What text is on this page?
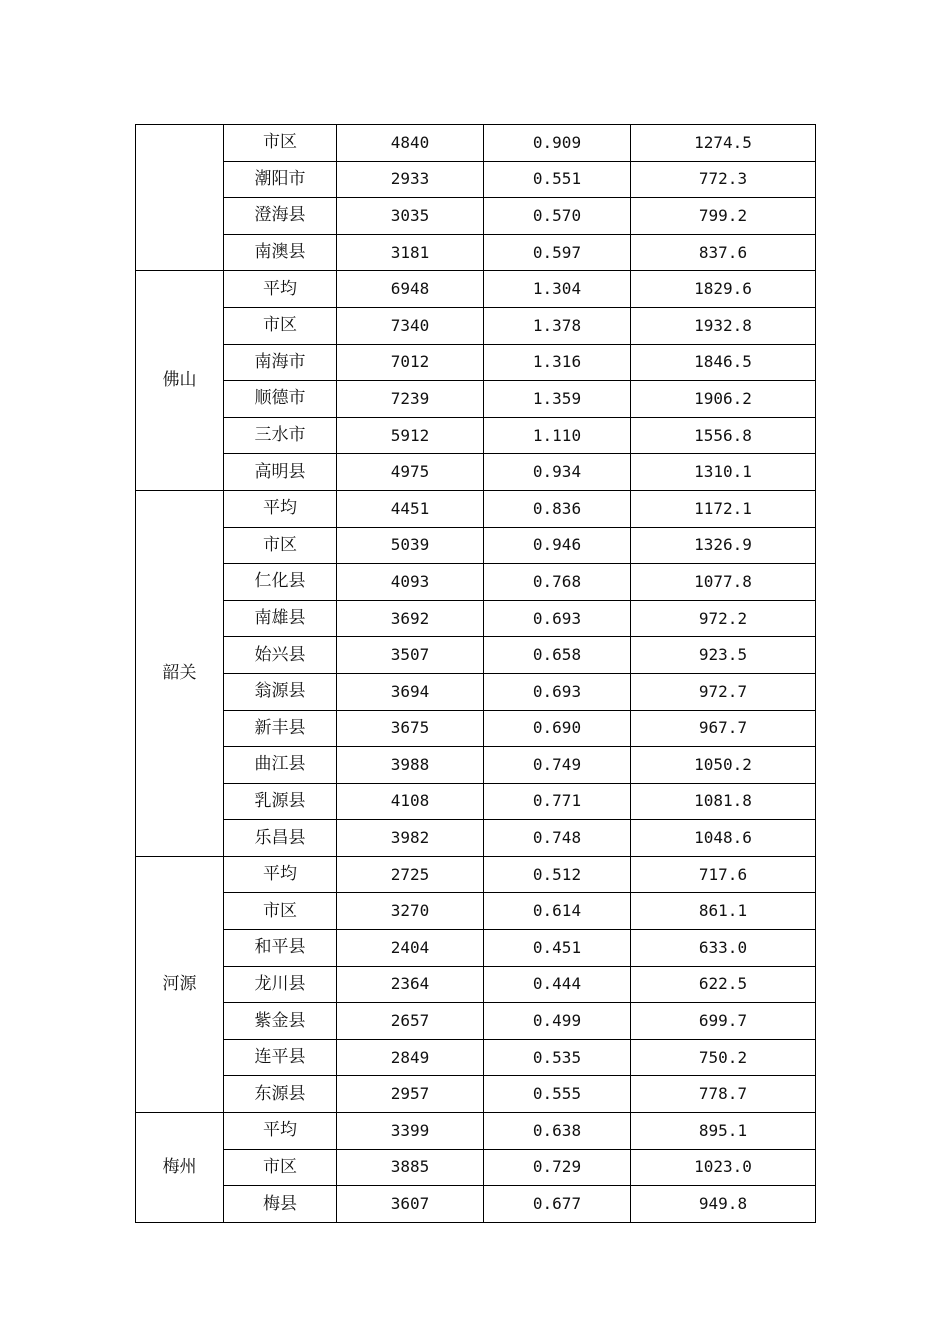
	市区	4840	0.909	1274.5
	潮阳市	2933	0.551	772.3
	澄海县	3035	0.570	799.2
	南澳县	3181	0.597	837.6
佛山	平均	6948	1.304	1829.6
	市区	7340	1.378	1932.8
	南海市	7012	1.316	1846.5
	顺德市	7239	1.359	1906.2
	三水市	5912	1.110	1556.8
	高明县	4975	0.934	1310.1
韶关	平均	4451	0.836	1172.1
	市区	5039	0.946	1326.9
	仁化县	4093	0.768	1077.8
	南雄县	3692	0.693	972.2
	始兴县	3507	0.658	923.5
	翁源县	3694	0.693	972.7
	新丰县	3675	0.690	967.7
	曲江县	3988	0.749	1050.2
	乳源县	4108	0.771	1081.8
	乐昌县	3982	0.748	1048.6
河源	平均	2725	0.512	717.6
	市区	3270	0.614	861.1
	和平县	2404	0.451	633.0
	龙川县	2364	0.444	622.5
	紫金县	2657	0.499	699.7
	连平县	2849	0.535	750.2
	东源县	2957	0.555	778.7
梅州	平均	3399	0.638	895.1
	市区	3885	0.729	1023.0
	梅县	3607	0.677	949.8
